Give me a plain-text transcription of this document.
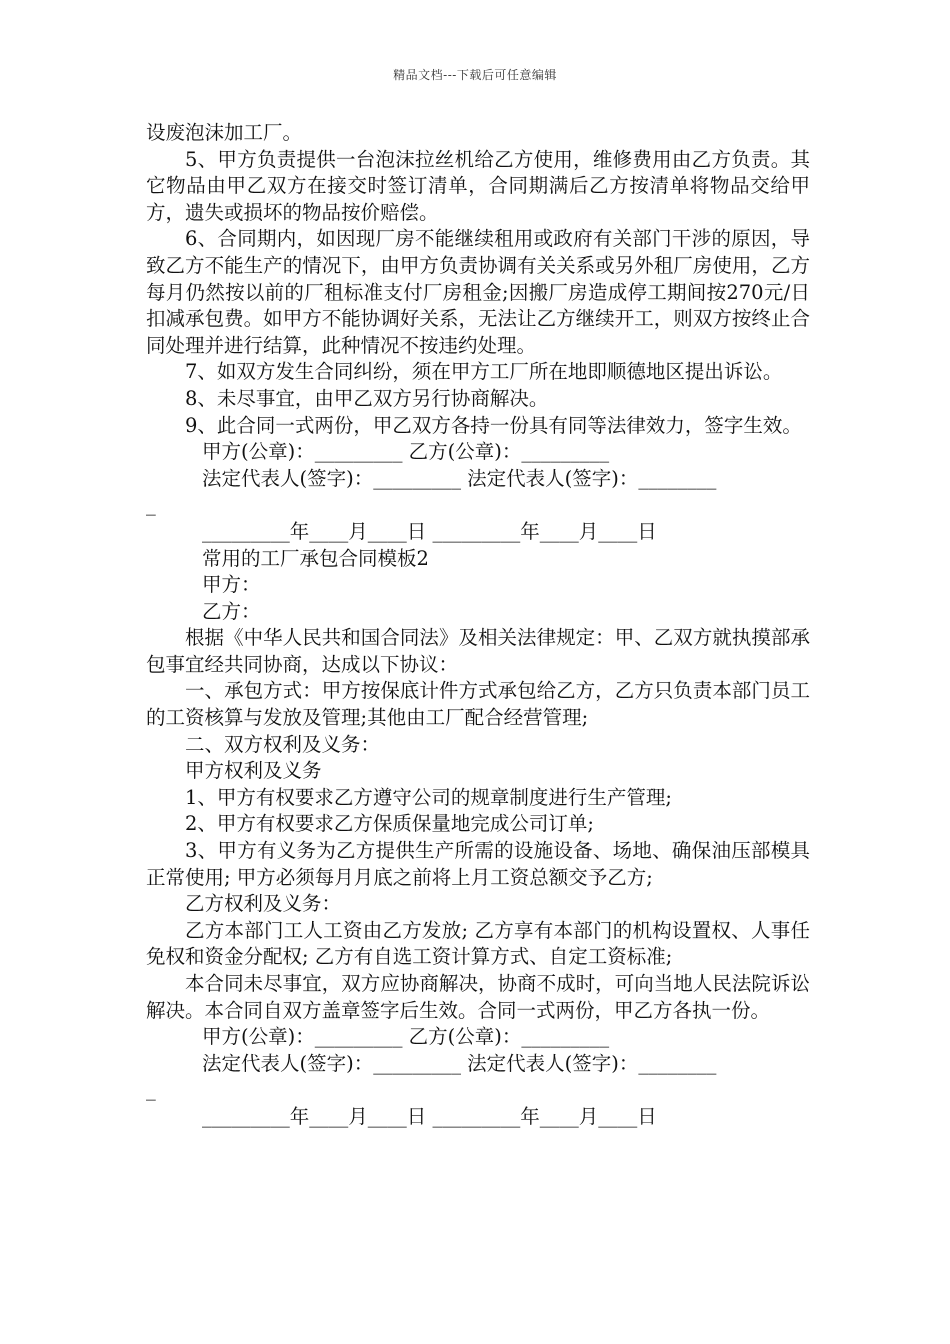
精品文档---下载后可任意编辑

设废泡沫加工厂。

5、甲方负责提供一台泡沫拉丝机给乙方使用，维修费用由乙方负责。其它物品由甲乙双方在接交时签订清单，合同期满后乙方按清单将物品交给甲方，遗失或损坏的物品按价赔偿。

6、合同期内，如因现厂房不能继续租用或政府有关部门干涉的原因，导致乙方不能生产的情况下，由甲方负责协调有关关系或另外租厂房使用，乙方每月仍然按以前的厂租标准支付厂房租金;因搬厂房造成停工期间按270元/日扣减承包费。如甲方不能协调好关系，无法让乙方继续开工，则双方按终止合同处理并进行结算，此种情况不按违约处理。

7、如双方发生合同纠纷，须在甲方工厂所在地即顺德地区提出诉讼。

8、未尽事宜，由甲乙双方另行协商解决。

9、此合同一式两份，甲乙双方各持一份具有同等法律效力，签字生效。

甲方(公章)：_________ 乙方(公章)：_________

法定代表人(签字)：_________ 法定代表人(签字)：________

_

_________年____月____日 _________年____月____日

常用的工厂承包合同模板2

甲方：

乙方：

根据《中华人民共和国合同法》及相关法律规定：甲、乙双方就执摸部承 包事宜经共同协商，达成以下协议：

一、承包方式：甲方按保底计件方式承包给乙方，乙方只负责本部门员工的工资核算与发放及管理;其他由工厂配合经营管理;

二、双方权利及义务：

甲方权利及义务

1、甲方有权要求乙方遵守公司的规章制度进行生产管理;

2、甲方有权要求乙方保质保量地完成公司订单;

3、甲方有义务为乙方提供生产所需的设施设备、场地、确保油压部模具正常使用; 甲方必须每月月底之前将上月工资总额交予乙方;

乙方权利及义务：

乙方本部门工人工资由乙方发放; 乙方享有本部门的机构设置权、人事任免权和资金分配权; 乙方有自选工资计算方式、自定工资标准;

本合同未尽事宜，双方应协商解决，协商不成时，可向当地人民法院诉讼解决。本合同自双方盖章签字后生效。合同一式两份，甲乙方各执一份。

甲方(公章)：_________ 乙方(公章)：_________

法定代表人(签字)：_________ 法定代表人(签字)：________

_

_________年____月____日 _________年____月____日
